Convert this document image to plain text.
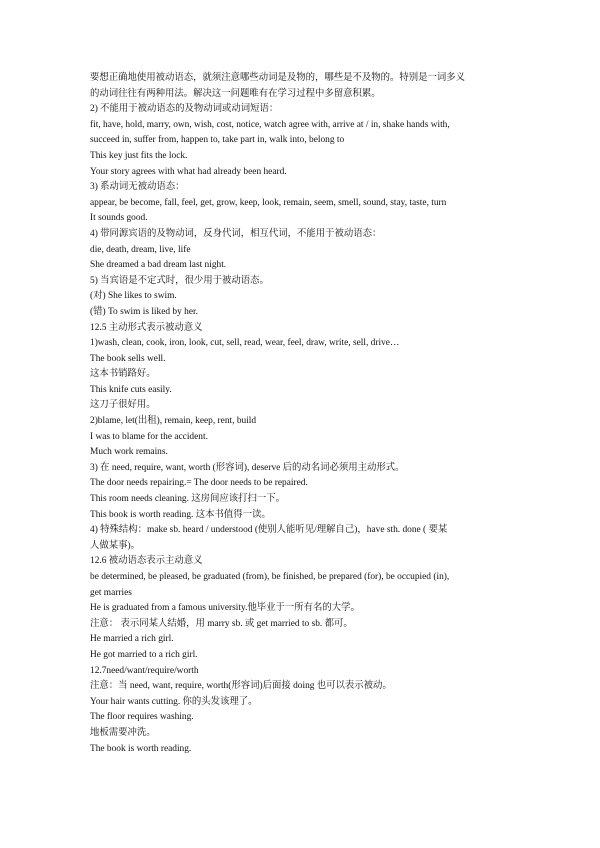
要想正确地使用被动语态，就须注意哪些动词是及物的，哪些是不及物的。特别是一词多义
的动词往往有两种用法。解决这一问题唯有在学习过程中多留意积累。
2) 不能用于被动语态的及物动词或动词短语：
fit, have, hold, marry, own, wish, cost, notice, watch agree with, arrive at / in, shake hands with,
succeed in, suffer from, happen to, take part in, walk into, belong to
This key just fits the lock.
Your story agrees with what had already been heard.
3) 系动词无被动语态：
appear, be become, fall, feel, get, grow, keep, look, remain, seem, smell, sound, stay, taste, turn
It sounds good.
4) 带同源宾语的及物动词，反身代词，相互代词，不能用于被动语态：
die, death, dream, live, life
She dreamed a bad dream last night.
5) 当宾语是不定式时，很少用于被动语态。
(对) She likes to swim.
(错) To swim is liked by her.
12.5 主动形式表示被动意义
1)wash, clean, cook, iron, look, cut, sell, read, wear, feel, draw, write, sell, drive…
The book sells well.
这本书销路好。
This knife cuts easily.
这刀子很好用。
2)blame, let(出租), remain, keep, rent, build
I was to blame for the accident.
Much work remains.
3) 在 need, require, want, worth (形容词), deserve 后的动名词必须用主动形式。
The door needs repairing.= The door needs to be repaired.
This room needs cleaning. 这房间应该打扫一下。
This book is worth reading. 这本书值得一读。
4) 特殊结构：make sb. heard / understood (使别人能听见/理解自己)，have sth. done ( 要某
人做某事)。
12.6 被动语态表示主动意义
be determined, be pleased, be graduated (from), be finished, be prepared (for), be occupied (in),
get marries
He is graduated from a famous university.他毕业于一所有名的大学。
注意： 表示同某人结婚，用 marry sb. 或 get married to sb. 都可。
He married a rich girl.
He got married to a rich girl.
12.7need/want/require/worth
注意：当 need, want, require, worth(形容词)后面接 doing 也可以表示被动。
Your hair wants cutting. 你的头发该理了。
The floor requires washing.
地板需要冲洗。
The book is worth reading.
